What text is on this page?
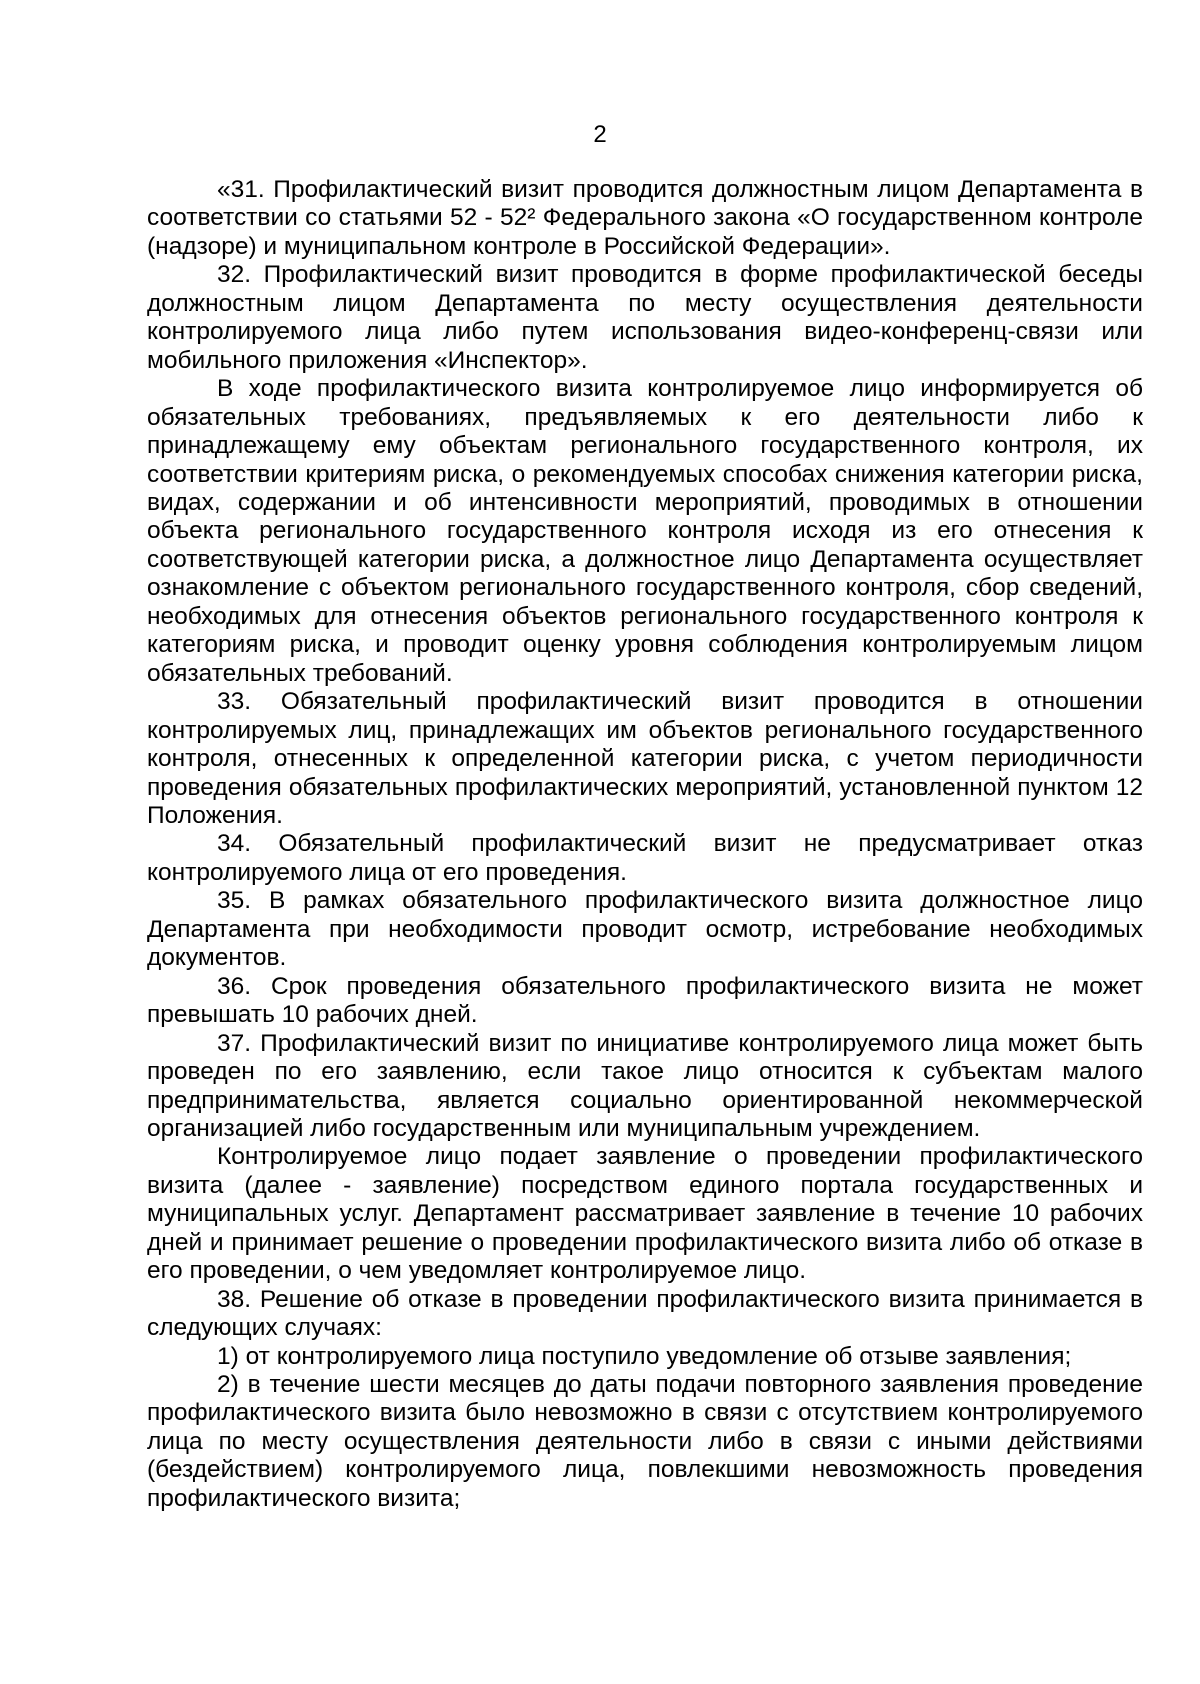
2

«31. Профилактический визит проводится должностным лицом Департамента в соответствии со статьями 52 - 52² Федерального закона «О государственном контроле (надзоре) и муниципальном контроле в Российской Федерации».

32. Профилактический визит проводится в форме профилактической беседы должностным лицом Департамента по месту осуществления деятельности контролируемого лица либо путем использования видео-конференц-связи или мобильного приложения «Инспектор».

В ходе профилактического визита контролируемое лицо информируется об обязательных требованиях, предъявляемых к его деятельности либо к принадлежащему ему объектам регионального государственного контроля, их соответствии критериям риска, о рекомендуемых способах снижения категории риска, видах, содержании и об интенсивности мероприятий, проводимых в отношении объекта регионального государственного контроля исходя из его отнесения к соответствующей категории риска, а должностное лицо Департамента осуществляет ознакомление с объектом регионального государственного контроля, сбор сведений, необходимых для отнесения объектов регионального государственного контроля к категориям риска, и проводит оценку уровня соблюдения контролируемым лицом обязательных требований.

33. Обязательный профилактический визит проводится в отношении контролируемых лиц, принадлежащих им объектов регионального государственного контроля, отнесенных к определенной категории риска, с учетом периодичности проведения обязательных профилактических мероприятий, установленной пунктом 12 Положения.

34. Обязательный профилактический визит не предусматривает отказ контролируемого лица от его проведения.

35. В рамках обязательного профилактического визита должностное лицо Департамента при необходимости проводит осмотр, истребование необходимых документов.

36. Срок проведения обязательного профилактического визита не может превышать 10 рабочих дней.

37. Профилактический визит по инициативе контролируемого лица может быть проведен по его заявлению, если такое лицо относится к субъектам малого предпринимательства, является социально ориентированной некоммерческой организацией либо государственным или муниципальным учреждением.

Контролируемое лицо подает заявление о проведении профилактического визита (далее - заявление) посредством единого портала государственных и муниципальных услуг. Департамент рассматривает заявление в течение 10 рабочих дней и принимает решение о проведении профилактического визита либо об отказе в его проведении, о чем уведомляет контролируемое лицо.

38. Решение об отказе в проведении профилактического визита принимается в следующих случаях:

1) от контролируемого лица поступило уведомление об отзыве заявления;

2) в течение шести месяцев до даты подачи повторного заявления проведение профилактического визита было невозможно в связи с отсутствием контролируемого лица по месту осуществления деятельности либо в связи с иными действиями (бездействием) контролируемого лица, повлекшими невозможность проведения профилактического визита;
